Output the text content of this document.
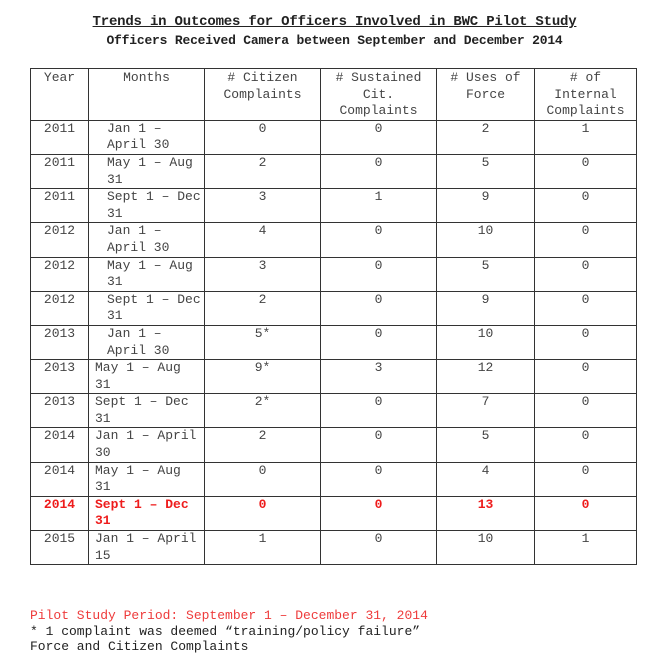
Trends in Outcomes for Officers Involved in BWC Pilot Study
Officers Received Camera between September and December 2014
Year	Months	# Citizen Complaints	# Sustained Cit. Complaints	# Uses of Force	# of Internal Complaints
2011	Jan 1 – April 30	0	0	2	1
2011	May 1 – Aug 31	2	0	5	0
2011	Sept 1 – Dec 31	3	1	9	0
2012	Jan 1 – April 30	4	0	10	0
2012	May 1 – Aug 31	3	0	5	0
2012	Sept 1 – Dec 31	2	0	9	0
2013	Jan 1 – April 30	5*	0	10	0
2013	May 1 – Aug 31	9*	3	12	0
2013	Sept 1 – Dec 31	2*	0	7	0
2014	Jan 1 – April 30	2	0	5	0
2014	May 1 – Aug 31	0	0	4	0
2014	Sept 1 – Dec 31	0	0	13	0
2015	Jan 1 – April 15	1	0	10	1
Pilot Study Period: September 1 – December 31, 2014
* 1 complaint was deemed “training/policy failure”
Force and Citizen Complaints
